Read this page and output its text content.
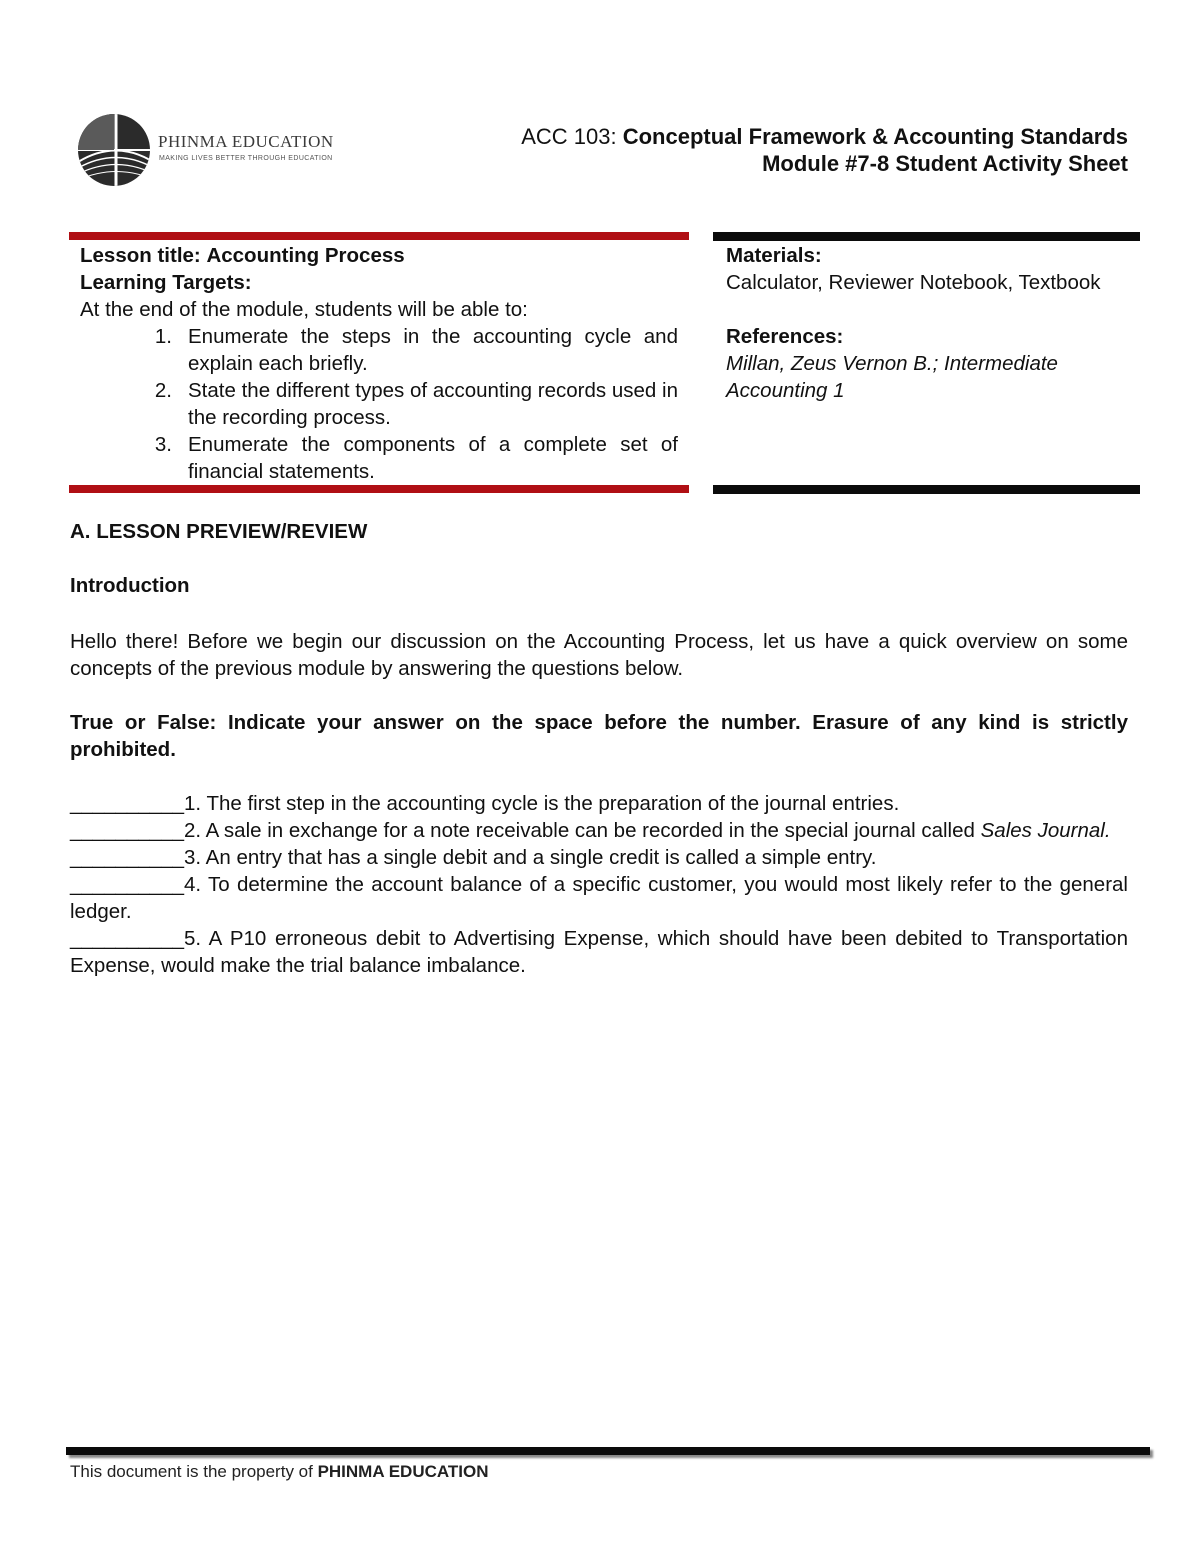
PHINMA EDUCATION
MAKING LIVES BETTER THROUGH EDUCATION
ACC 103: Conceptual Framework & Accounting Standards
Module #7-8 Student Activity Sheet
Lesson title: Accounting Process
Learning Targets:
At the end of the module, students will be able to:
1. Enumerate the steps in the accounting cycle and explain each briefly.
2. State the different types of accounting records used in the recording process.
3. Enumerate the components of a complete set of financial statements.
Materials:
Calculator, Reviewer Notebook, Textbook
References:
Millan, Zeus Vernon B.; Intermediate Accounting 1
A. LESSON PREVIEW/REVIEW
Introduction
Hello there! Before we begin our discussion on the Accounting Process, let us have a quick overview on some concepts of the previous module by answering the questions below.
True or False: Indicate your answer on the space before the number. Erasure of any kind is strictly prohibited.
__________1. The first step in the accounting cycle is the preparation of the journal entries.
__________2. A sale in exchange for a note receivable can be recorded in the special journal called Sales Journal.
__________3. An entry that has a single debit and a single credit is called a simple entry.
__________4. To determine the account balance of a specific customer, you would most likely refer to the general ledger.
__________5. A P10 erroneous debit to Advertising Expense, which should have been debited to Transportation Expense, would make the trial balance imbalance.
This document is the property of PHINMA EDUCATION
